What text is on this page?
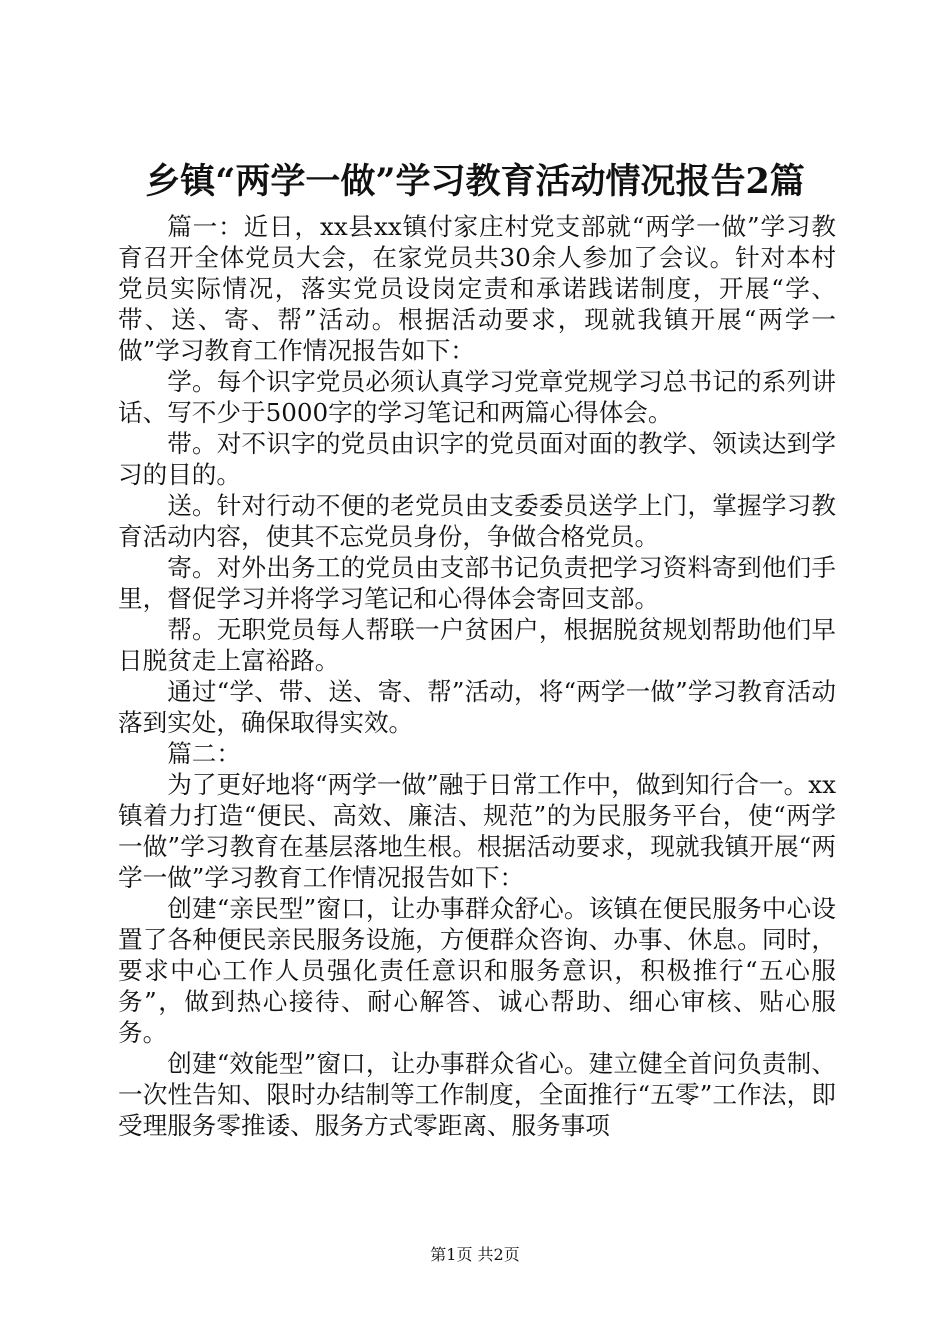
乡镇“两学一做”学习教育活动情况报告2篇

篇一：近日，xx县xx镇付家庄村党支部就“两学一做”学习教育召开全体党员大会，在家党员共30余人参加了会议。针对本村党员实际情况，落实党员设岗定责和承诺践诺制度，开展“学、带、送、寄、帮”活动。根据活动要求，现就我镇开展“两学一做”学习教育工作情况报告如下：

学。每个识字党员必须认真学习党章党规学习总书记的系列讲话、写不少于5000字的学习笔记和两篇心得体会。

带。对不识字的党员由识字的党员面对面的教学、领读达到学习的目的。

送。针对行动不便的老党员由支委委员送学上门，掌握学习教育活动内容，使其不忘党员身份，争做合格党员。

寄。对外出务工的党员由支部书记负责把学习资料寄到他们手里，督促学习并将学习笔记和心得体会寄回支部。

帮。无职党员每人帮联一户贫困户，根据脱贫规划帮助他们早日脱贫走上富裕路。

通过“学、带、送、寄、帮”活动，将“两学一做”学习教育活动落到实处，确保取得实效。

篇二：

为了更好地将“两学一做”融于日常工作中，做到知行合一。xx镇着力打造“便民、高效、廉洁、规范”的为民服务平台，使“两学一做”学习教育在基层落地生根。根据活动要求，现就我镇开展“两学一做”学习教育工作情况报告如下：

创建“亲民型”窗口，让办事群众舒心。该镇在便民服务中心设置了各种便民亲民服务设施，方便群众咨询、办事、休息。同时，要求中心工作人员强化责任意识和服务意识，积极推行“五心服务”，做到热心接待、耐心解答、诚心帮助、细心审核、贴心服务。

创建“效能型”窗口，让办事群众省心。建立健全首问负责制、一次性告知、限时办结制等工作制度，全面推行“五零”工作法，即受理服务零推诿、服务方式零距离、服务事项

第1页 共2页
